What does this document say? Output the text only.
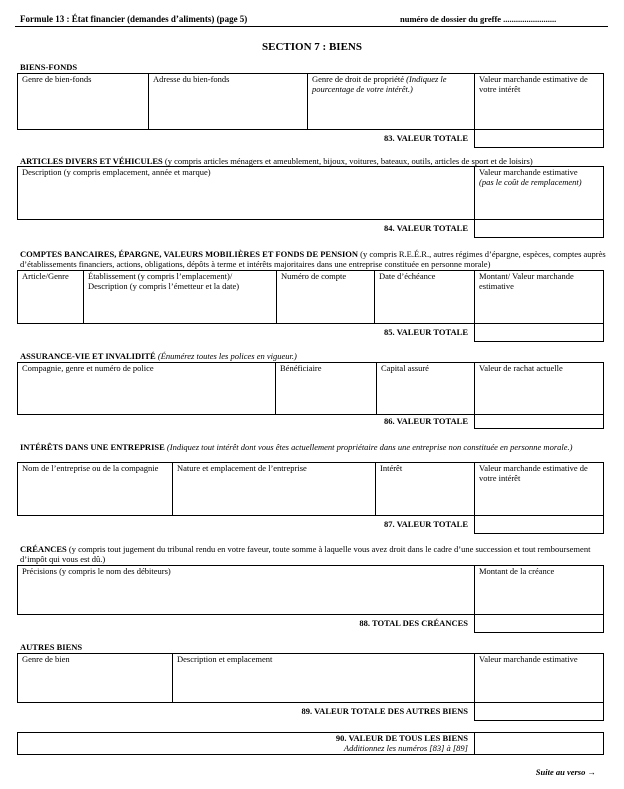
Formule 13 : État financier (demandes d’aliments) (page 5)	numéro de dossier du greffe .........................
SECTION 7 : BIENS
BIENS-FONDS
Genre de bien-fonds	Adresse du bien-fonds	Genre de droit de propriété (Indiquez le pourcentage de votre intérêt.)	Valeur marchande estimative de votre intérêt
83. VALEUR TOTALE			
ARTICLES DIVERS ET VÉHICULES (y compris articles ménagers et ameublement, bijoux, voitures, bateaux, outils, articles de sport et de loisirs)
Description (y compris emplacement, année et marque)	Valeur marchande estimative
(pas le coût de remplacement)
84. VALEUR TOTALE	
COMPTES BANCAIRES, ÉPARGNE, VALEURS MOBILIÈRES ET FONDS DE PENSION (y compris R.E.É.R., autres régimes d’épargne, espèces, comptes auprès d’établissements financiers, actions, obligations, dépôts à terme et intérêts majoritaires dans une entreprise constituée en personne morale)
Article/Genre	Établissement (y compris l’emplacement)/ Description (y compris l’émetteur et la date)	Numéro de compte	Date d’échéance	Montant/ Valeur marchande estimative
85. VALEUR TOTALE				
ASSURANCE-VIE ET INVALIDITÉ (Énumérez toutes les polices en vigueur.)
Compagnie, genre et numéro de police	Bénéficiaire	Capital assuré	Valeur de rachat actuelle
86. VALEUR TOTALE			
INTÉRÊTS DANS UNE ENTREPRISE (Indiquez tout intérêt dont vous êtes actuellement propriétaire dans une entreprise non constituée en personne morale.)
Nom de l’entreprise ou de la compagnie	Nature et emplacement de l’entreprise	Intérêt	Valeur marchande estimative de votre intérêt
87. VALEUR TOTALE			
CRÉANCES (y compris tout jugement du tribunal rendu en votre faveur, toute somme à laquelle vous avez droit dans le cadre d’une succession et tout remboursement d’impôt qui vous est dû.)
Précisions (y compris le nom des débiteurs)	Montant de la créance
88. TOTAL DES CRÉANCES	
AUTRES BIENS
Genre de bien	Description et emplacement	Valeur marchande estimative
89. VALEUR TOTALE DES AUTRES BIENS		
90. VALEUR DE TOUS LES BIENS
Additionnez les numéros [83] à [89]	
Suite au verso →
